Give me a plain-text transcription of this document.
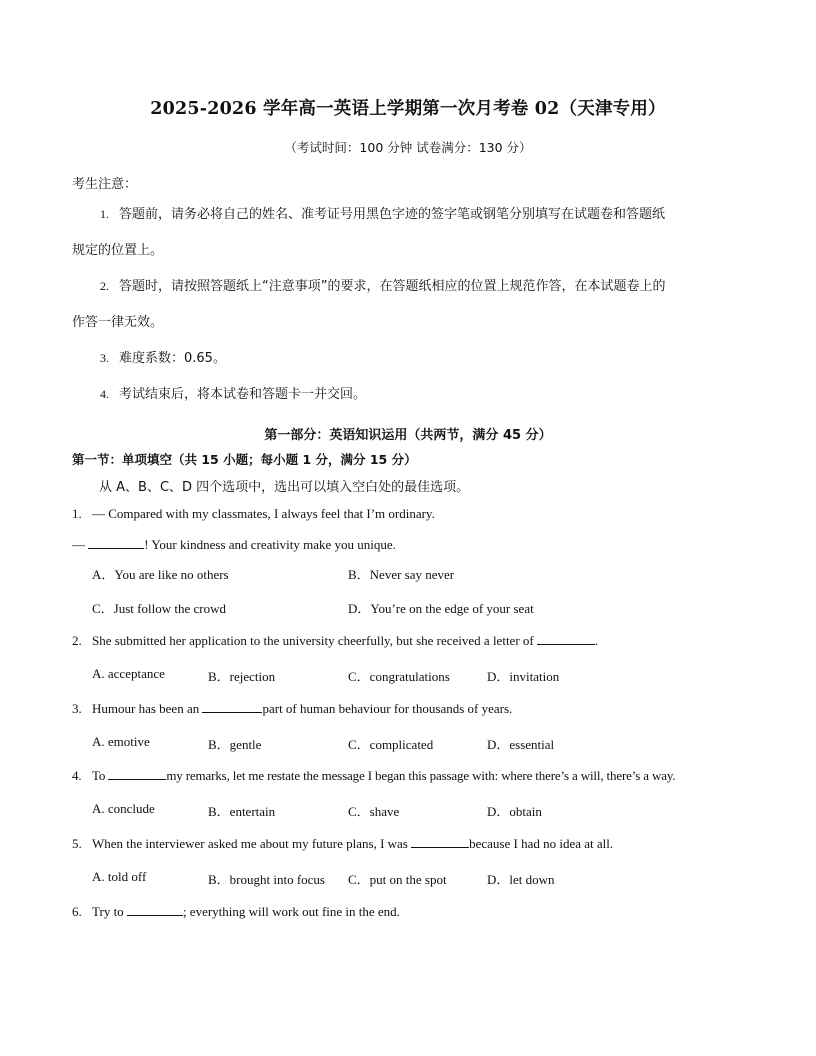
2025-2026 学年高一英语上学期第一次月考卷 02（天津专用）
（考试时间：100 分钟 试卷满分：130 分）
考生注意：
1. 答题前，请务必将自己的姓名、准考证号用黑色字迹的签字笔或钢笔分别填写在试题卷和答题纸
规定的位置上。
2. 答题时，请按照答题纸上“注意事项”的要求，在答题纸相应的位置上规范作答，在本试题卷上的
作答一律无效。
3. 难度系数：0.65。
4. 考试结束后，将本试卷和答题卡一并交回。
第一部分：英语知识运用（共两节，满分 45 分）
第一节：单项填空（共 15 小题；每小题 1 分，满分 15 分）
从 A、B、C、D 四个选项中，选出可以填入空白处的最佳选项。
1. — Compared with my classmates, I always feel that I’m ordinary.
—	! Your kindness and creativity make you unique.
A．You are like no others	B．Never say never
C．Just follow the crowd	D．You’re on the edge of your seat
2. She submitted her application to the university cheerfully, but she received a letter of	.
A. acceptance	B．rejection	C．congratulations	D．invitation
3. Humour has been an	part of human behaviour for thousands of years.
A. emotive	B．gentle	C．complicated	D．essential
4. To	my remarks, let me restate the message I began this passage with: where there’s a will, there’s a way.
A. conclude	B．entertain	C．shave	D．obtain
5. When the interviewer asked me about my future plans, I was	because I had no idea at all.
A. told off	B．brought into focus C．put on the spot	D．let down
6. Try to	; everything will work out fine in the end.
